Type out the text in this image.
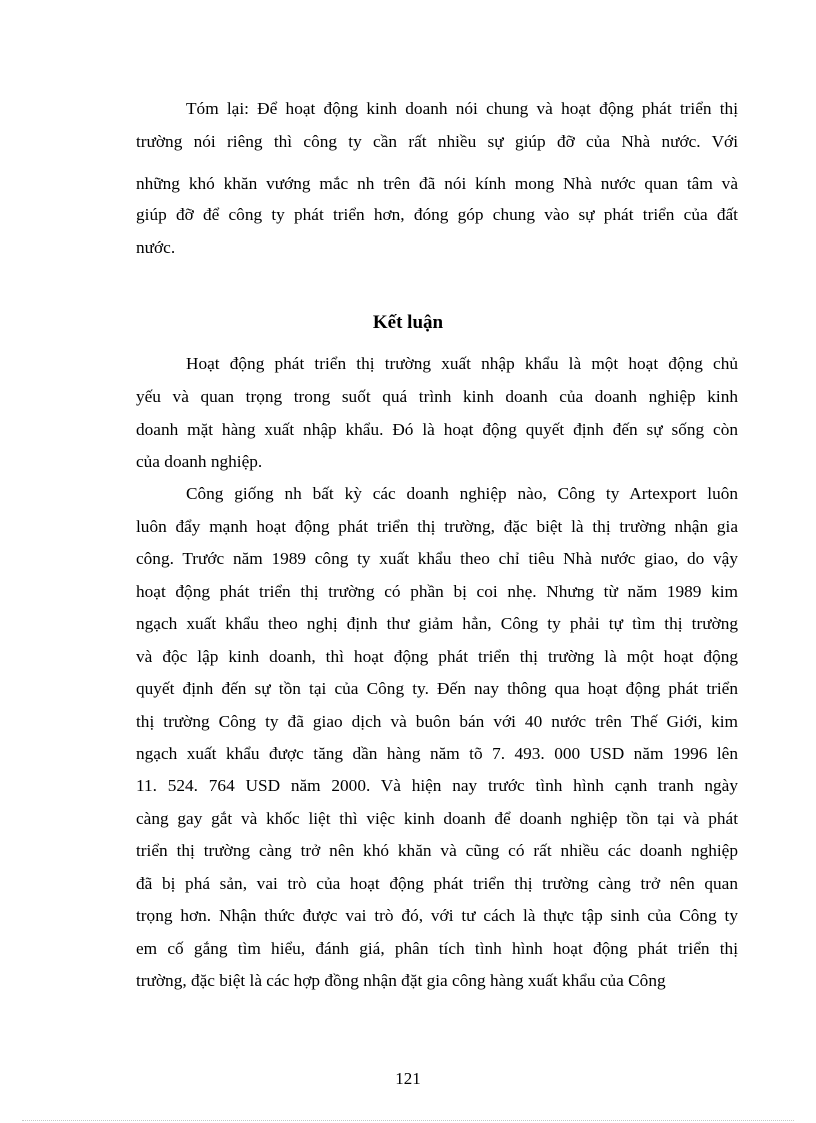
Tóm lại: Để hoạt động kinh doanh nói chung và hoạt động phát triển thị
trường nói riêng thì công ty cần rất nhiều sự giúp đỡ của Nhà nước. Với
những khó khăn vướng mắc nh trên đã nói kính mong Nhà nước quan tâm và
giúp đỡ để công ty phát triển hơn, đóng góp chung vào sự phát triển của đất
nước.
Kết luận
Hoạt động phát triển thị trường xuất nhập khẩu là một hoạt động chủ
yếu và quan trọng trong suốt quá trình kinh doanh của doanh nghiệp kinh
doanh mặt hàng xuất nhập khẩu. Đó là hoạt động quyết định đến sự sống còn
của doanh nghiệp.
Công giống nh bất kỳ các doanh nghiệp nào, Công ty Artexport luôn
luôn đẩy mạnh hoạt động phát triển thị trường, đặc biệt là thị trường nhận gia
công. Trước năm 1989 công ty xuất khẩu theo chỉ tiêu Nhà nước giao, do vậy
hoạt động phát triển thị trường có phần bị coi nhẹ. Nhưng từ năm 1989 kim
ngạch xuất khẩu theo nghị định thư giảm hẳn, Công ty phải tự tìm thị trường
và độc lập kinh doanh, thì hoạt động phát triển thị trường là một hoạt động
quyết định đến sự tồn tại của Công ty. Đến nay thông qua hoạt động phát triển
thị trường Công ty đã giao dịch và buôn bán với 40 nước trên Thế Giới, kim
ngạch xuất khẩu được tăng dần hàng năm tõ 7. 493. 000 USD năm 1996 lên
11. 524. 764 USD năm 2000. Và hiện nay trước tình hình cạnh tranh ngày
càng gay gắt và khốc liệt thì việc kinh doanh để doanh nghiệp tồn tại và phát
triển thị trường càng trở nên khó khăn và cũng có rất nhiều các doanh nghiệp
đã bị phá sản, vai trò của hoạt động phát triển thị trường càng trở nên quan
trọng hơn. Nhận thức được vai trò đó, với tư cách là thực tập sinh của Công ty
em cố gắng tìm hiểu, đánh giá, phân tích tình hình hoạt động phát triển thị
trường, đặc biệt là các hợp đồng nhận đặt gia công hàng xuất khẩu của Công
121
